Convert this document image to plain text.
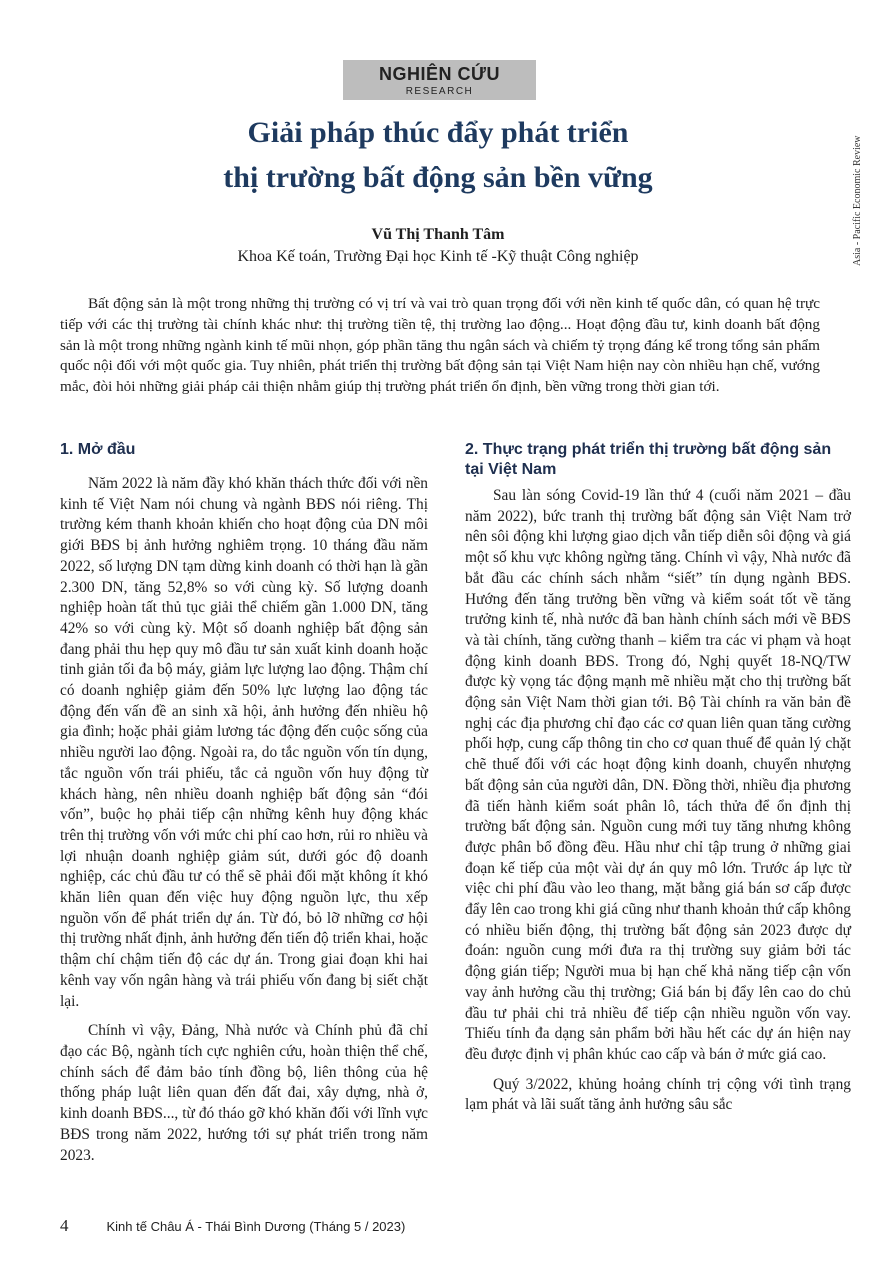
NGHIÊN CỨU
RESEARCH
Asia - Pacific Economic Review
Giải pháp thúc đẩy phát triển
thị trường bất động sản bền vững
Vũ Thị Thanh Tâm
Khoa Kế toán, Trường Đại học Kinh tế -Kỹ thuật Công nghiệp

Bất động sản là một trong những thị trường có vị trí và vai trò quan trọng đối với nền kinh tế quốc dân, có quan hệ trực tiếp với các thị trường tài chính khác như: thị trường tiền tệ, thị trường lao động... Hoạt động đầu tư, kinh doanh bất động sản là một trong những ngành kinh tế mũi nhọn, góp phần tăng thu ngân sách và chiếm tỷ trọng đáng kể trong tổng sản phẩm quốc nội đối với một quốc gia. Tuy nhiên, phát triển thị trường bất động sản tại Việt Nam hiện nay còn nhiều hạn chế, vướng mắc, đòi hỏi những giải pháp cải thiện nhằm giúp thị trường phát triển ổn định, bền vững trong thời gian tới.

1. Mở đầu

Năm 2022 là năm đầy khó khăn thách thức đối với nền kinh tế Việt Nam nói chung và ngành BĐS nói riêng. Thị trường kém thanh khoản khiến cho hoạt động của DN môi giới BĐS bị ảnh hưởng nghiêm trọng. 10 tháng đầu năm 2022, số lượng DN tạm dừng kinh doanh có thời hạn là gần 2.300 DN, tăng 52,8% so với cùng kỳ. Số lượng doanh nghiệp hoàn tất thủ tục giải thể chiếm gần 1.000 DN, tăng 42% so với cùng kỳ. Một số doanh nghiệp bất động sản đang phải thu hẹp quy mô đầu tư sản xuất kinh doanh hoặc tinh giản tối đa bộ máy, giảm lực lượng lao động. Thậm chí có doanh nghiệp giảm đến 50% lực lượng lao động tác động đến vấn đề an sinh xã hội, ảnh hưởng đến nhiều hộ gia đình; hoặc phải giảm lương tác động đến cuộc sống của nhiều người lao động. Ngoài ra, do tắc nguồn vốn tín dụng, tắc nguồn vốn trái phiếu, tắc cả nguồn vốn huy động từ khách hàng, nên nhiều doanh nghiệp bất động sản “đói vốn”, buộc họ phải tiếp cận những kênh huy động khác trên thị trường vốn với mức chi phí cao hơn, rủi ro nhiều và lợi nhuận doanh nghiệp giảm sút, dưới góc độ doanh nghiệp, các chủ đầu tư có thể sẽ phải đối mặt không ít khó khăn liên quan đến việc huy động nguồn lực, thu xếp nguồn vốn để phát triển dự án. Từ đó, bỏ lỡ những cơ hội thị trường nhất định, ảnh hưởng đến tiến độ triển khai, hoặc thậm chí chậm tiến độ các dự án. Trong giai đoạn khi hai kênh vay vốn ngân hàng và trái phiếu vốn đang bị siết chặt lại.

Chính vì vậy, Đảng, Nhà nước và Chính phủ đã chỉ đạo các Bộ, ngành tích cực nghiên cứu, hoàn thiện thể chế, chính sách để đảm bảo tính đồng bộ, liên thông của hệ thống pháp luật liên quan đến đất đai, xây dựng, nhà ở, kinh doanh BĐS..., từ đó tháo gỡ khó khăn đối với lĩnh vực BĐS trong năm 2022, hướng tới sự phát triển trong năm 2023.

2. Thực trạng phát triển thị trường bất động sản tại Việt Nam

Sau làn sóng Covid-19 lần thứ 4 (cuối năm 2021 – đầu năm 2022), bức tranh thị trường bất động sản Việt Nam trở nên sôi động khi lượng giao dịch vẫn tiếp diễn sôi động và giá một số khu vực không ngừng tăng. Chính vì vậy, Nhà nước đã bắt đầu các chính sách nhằm “siết” tín dụng ngành BĐS. Hướng đến tăng trưởng bền vững và kiểm soát tốt về tăng trưởng kinh tế, nhà nước đã ban hành chính sách mới về BĐS và tài chính, tăng cường thanh – kiểm tra các vi phạm và hoạt động kinh doanh BĐS. Trong đó, Nghị quyết 18-NQ/TW được kỳ vọng tác động mạnh mẽ nhiều mặt cho thị trường bất động sản Việt Nam thời gian tới. Bộ Tài chính ra văn bản đề nghị các địa phương chỉ đạo các cơ quan liên quan tăng cường phối hợp, cung cấp thông tin cho cơ quan thuế để quản lý chặt chẽ thuế đối với các hoạt động kinh doanh, chuyển nhượng bất động sản của người dân, DN. Đồng thời, nhiều địa phương đã tiến hành kiểm soát phân lô, tách thửa để ổn định thị trường bất động sản. Nguồn cung mới tuy tăng nhưng không được phân bổ đồng đều. Hầu như chỉ tập trung ở những giai đoạn kế tiếp của một vài dự án quy mô lớn. Trước áp lực từ việc chi phí đầu vào leo thang, mặt bằng giá bán sơ cấp được đẩy lên cao trong khi giá cũng như thanh khoản thứ cấp không có nhiều biến động, thị trường bất động sản 2023 được dự đoán: nguồn cung mới đưa ra thị trường suy giảm bởi tác động gián tiếp; Người mua bị hạn chế khả năng tiếp cận vốn vay ảnh hưởng cầu thị trường; Giá bán bị đẩy lên cao do chủ đầu tư phải chi trả nhiều để tiếp cận nhiều nguồn vốn vay. Thiếu tính đa dạng sản phẩm bởi hầu hết các dự án hiện nay đều được định vị phân khúc cao cấp và bán ở mức giá cao.

Quý 3/2022, khủng hoảng chính trị cộng với tình trạng lạm phát và lãi suất tăng ảnh hưởng sâu sắc

4	Kinh tế Châu Á - Thái Bình Dương (Tháng 5 / 2023)
